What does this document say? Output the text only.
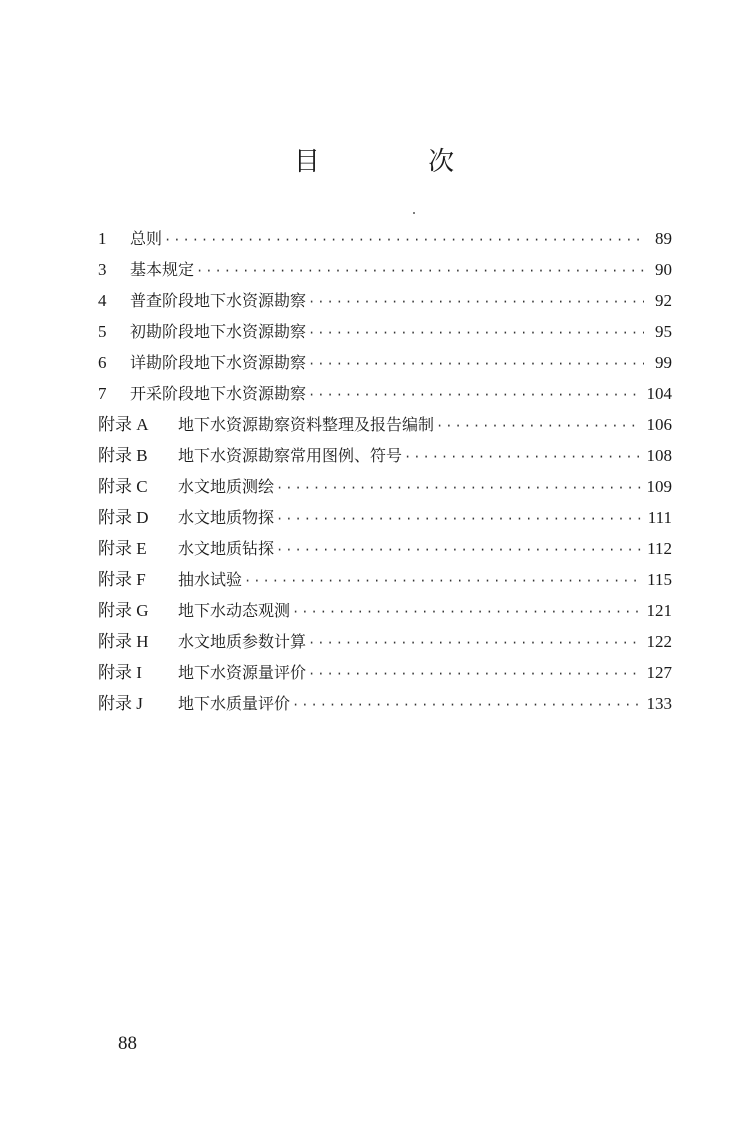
目 次
1	总则 ·····	89
3	基本规定 ·····	90
4	普查阶段地下水资源勘察 ·····	92
5	初勘阶段地下水资源勘察 ·····	95
6	详勘阶段地下水资源勘察 ·····	99
7	开采阶段地下水资源勘察 ·····	104
附录 A	地下水资源勘察资料整理及报告编制 ·····	106
附录 B	地下水资源勘察常用图例、符号 ·····	108
附录 C	水文地质测绘 ·····	109
附录 D	水文地质物探 ·····	111
附录 E	水文地质钻探 ·····	112
附录 F	抽水试验 ·····	115
附录 G	地下水动态观测 ·····	121
附录 H	水文地质参数计算 ·····	122
附录 I	地下水资源量评价 ·····	127
附录 J	地下水质量评价 ·····	133
88
